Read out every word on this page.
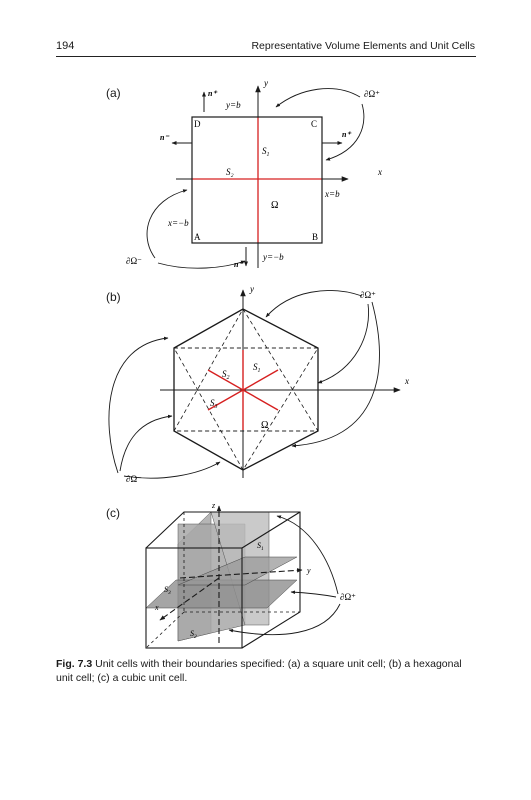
194	Representative Volume Elements and Unit Cells
(a)
(b)
(c)
D	C
A	B
y=b
y=−b
x=b
x=−b
$S_1$
S₂
Ω
x
y
n⁺
n⁺
n⁻
n⁻
∂Ω⁺
∂Ω⁻
$S_1$
$S_2$
$S_3$
Ω
x
y
∂Ω⁺
∂Ω⁻
z
y
x
$S_1$
$S_2$
$S_3$	∂Ω⁺
Fig. 7.3 Unit cells with their boundaries specified: (a) a square unit cell; (b) a hexagonal unit cell; (c) a cubic unit cell.
